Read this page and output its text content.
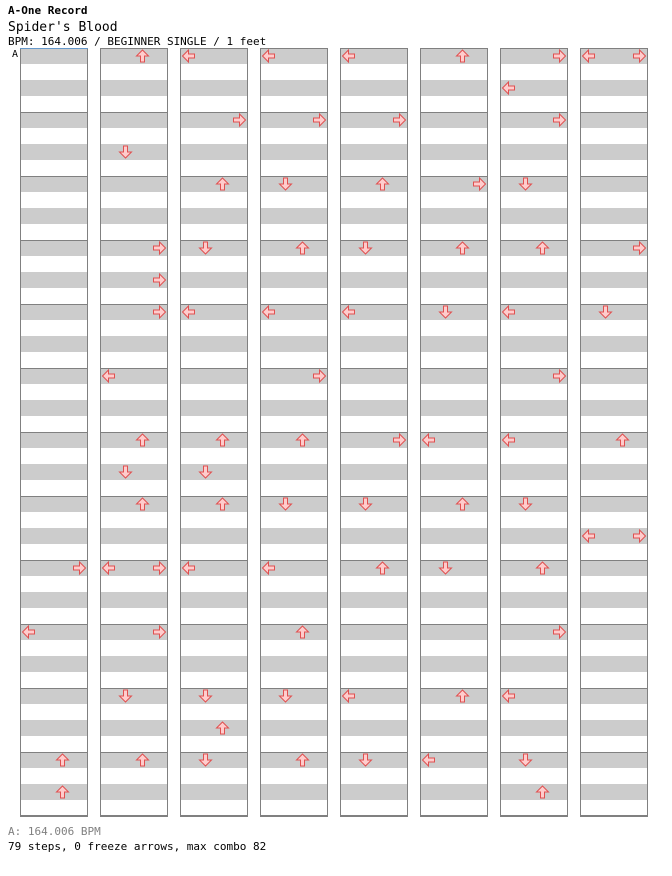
A-One Record

Spider's Blood

BPM: 164.006 / BEGINNER SINGLE / 1 feet

A

A: 164.006 BPM

79 steps, 0 freeze arrows, max combo 82
